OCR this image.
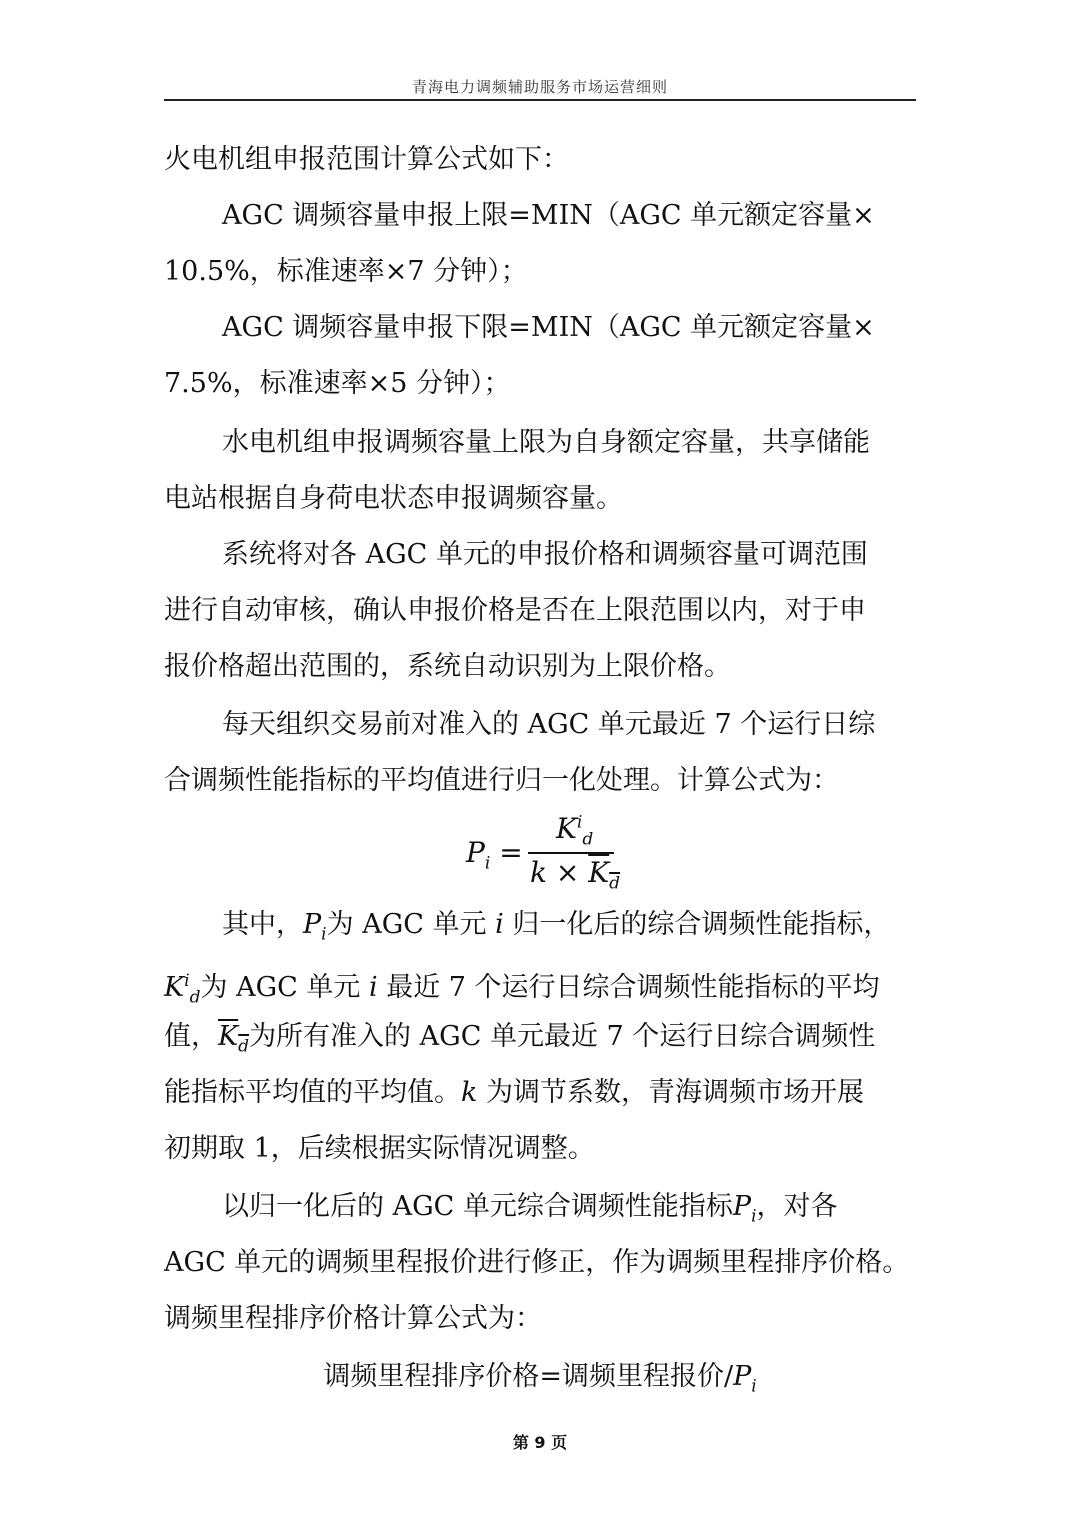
青海电力调频辅助服务市场运营细则
火电机组申报范围计算公式如下：
AGC 调频容量申报上限=MIN（AGC 单元额定容量×
10.5%，标准速率×7 分钟）；
AGC 调频容量申报下限=MIN（AGC 单元额定容量×
7.5%，标准速率×5 分钟）；
水电机组申报调频容量上限为自身额定容量，共享储能
电站根据自身荷电状态申报调频容量。
系统将对各 AGC 单元的申报价格和调频容量可调范围
进行自动审核，确认申报价格是否在上限范围以内，对于申
报价格超出范围的，系统自动识别为上限价格。
每天组织交易前对准入的 AGC 单元最近 7 个运行日综
合调频性能指标的平均值进行归一化处理。计算公式为：
$P_i$ =
$K^i_d$
$k \times K_d$
其中，$P_i$为 AGC 单元 i 归一化后的综合调频性能指标，
$K^i_d$为 AGC 单元 i 最近 7 个运行日综合调频性能指标的平均
值，$K_d$为所有准入的 AGC 单元最近 7 个运行日综合调频性
能指标平均值的平均值。k 为调节系数，青海调频市场开展
初期取 1，后续根据实际情况调整。
以归一化后的 AGC 单元综合调频性能指标$P_i$，对各
AGC 单元的调频里程报价进行修正，作为调频里程排序价格。
调频里程排序价格计算公式为：
调频里程排序价格=调频里程报价$/P_i$
第 9 页
